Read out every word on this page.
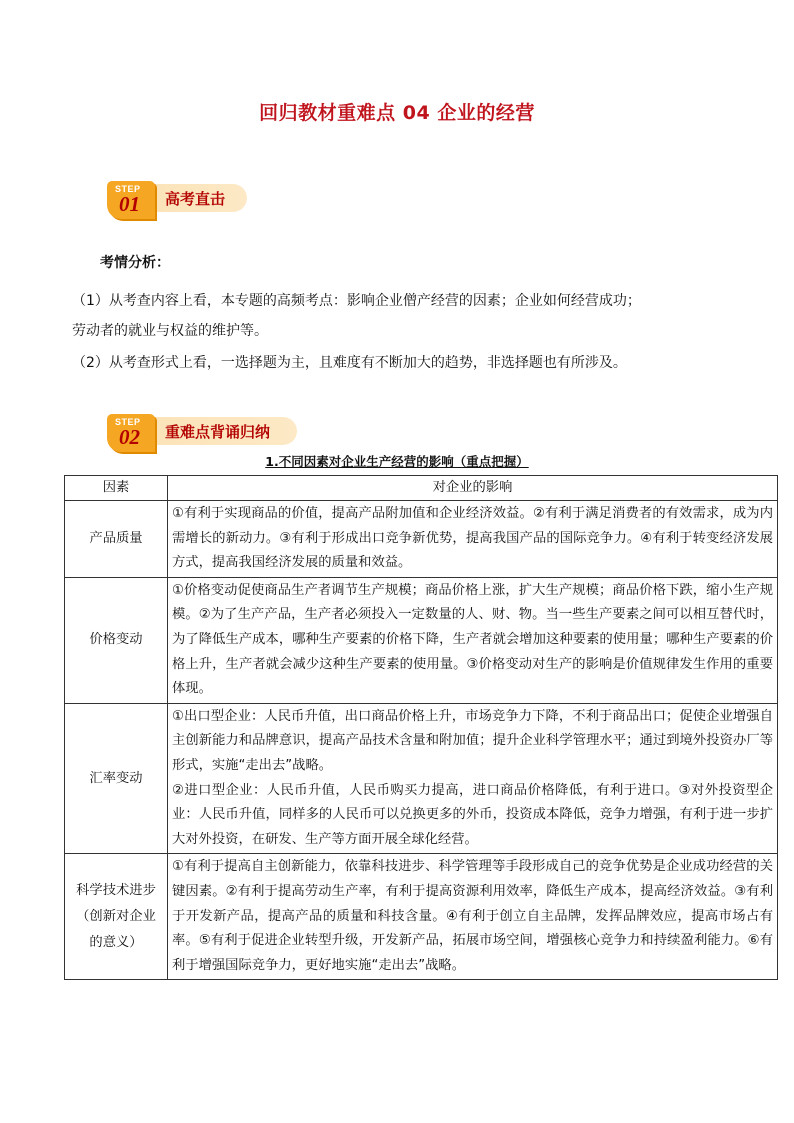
回归教材重难点 04 企业的经营
STEP
01 高考直击
考情分析：
（1）从考查内容上看，本专题的高频考点：影响企业僧产经营的因素；企业如何经营成功；
劳动者的就业与权益的维护等。
（2）从考查形式上看，一选择题为主，且难度有不断加大的趋势，非选择题也有所涉及。
STEP
02 重难点背诵归纳
1.不同因素对企业生产经营的影响（重点把握）
因素	对企业的影响
产品质量	①有利于实现商品的价值，提高产品附加值和企业经济效益。②有利于满足消费者的有效需求，成为内需增长的新动力。③有利于形成出口竞争新优势，提高我国产品的国际竞争力。④有利于转变经济发展方式，提高我国经济发展的质量和效益。
价格变动	①价格变动促使商品生产者调节生产规模；商品价格上涨，扩大生产规模；商品价格下跌，缩小生产规模。②为了生产产品，生产者必须投入一定数量的人、财、物。当一些生产要素之间可以相互替代时，为了降低生产成本，哪种生产要素的价格下降，生产者就会增加这种要素的使用量；哪种生产要素的价格上升，生产者就会减少这种生产要素的使用量。③价格变动对生产的影响是价值规律发生作用的重要体现。
汇率变动	①出口型企业：人民币升值，出口商品价格上升，市场竞争力下降，不利于商品出口；促使企业增强自主创新能力和品牌意识，提高产品技术含量和附加值；提升企业科学管理水平；通过到境外投资办厂等形式，实施“走出去”战略。
②进口型企业：人民币升值，人民币购买力提高，进口商品价格降低，有利于进口。③对外投资型企业：人民币升值，同样多的人民币可以兑换更多的外币，投资成本降低，竞争力增强，有利于进一步扩大对外投资，在研发、生产等方面开展全球化经营。

科学技术进步（创新对企业的意义）	①有利于提高自主创新能力，依靠科技进步、科学管理等手段形成自己的竞争优势是企业成功经营的关键因素。②有利于提高劳动生产率，有利于提高资源利用效率，降低生产成本，提高经济效益。③有利于开发新产品，提高产品的质量和科技含量。④有利于创立自主品牌，发挥品牌效应，提高市场占有率。⑤有利于促进企业转型升级，开发新产品，拓展市场空间，增强核心竞争力和持续盈利能力。⑥有利于增强国际竞争力，更好地实施“走出去”战略。
